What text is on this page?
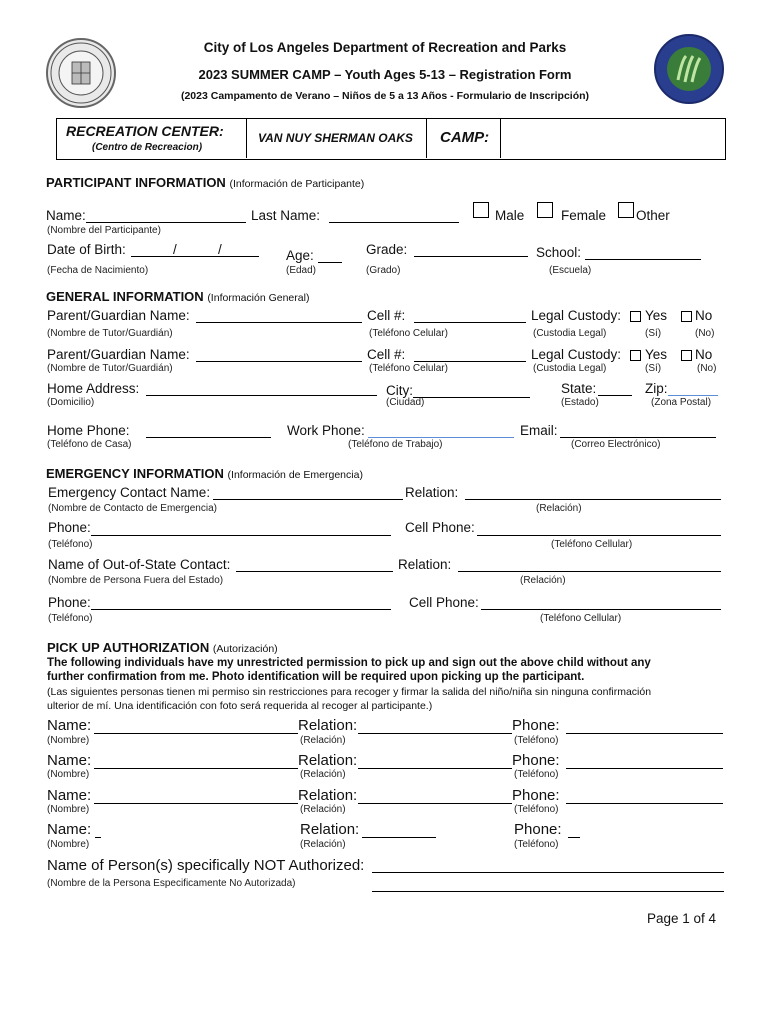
City of Los Angeles Department of Recreation and Parks
2023 SUMMER CAMP – Youth Ages 5-13 – Registration Form
(2023 Campamento de Verano – Niños de 5 a 13 Años - Formulario de Inscripción)
RECREATION CENTER:
(Centro de Recreacion)
VAN NUY SHERMAN OAKS CAMP:
PARTICIPANT INFORMATION (Información de Participante)
Name:	Last Name:	Male	Female Other
(Nombre del Participante)
Date of Birth:	/	/	Age:	Grade:	School:
(Fecha de Nacimiento)	(Edad)	(Grado)	(Escuela)
GENERAL INFORMATION (Información General)
Parent/Guardian Name:	Cell #:	Legal Custody: Yes No
(Nombre de Tutor/Guardián)	(Teléfono Celular)	(Custodia Legal)	(Sí)	(No)
Parent/Guardian Name:	Cell #:	Legal Custody: Yes No
(Nombre de Tutor/Guardián)	(Teléfono Celular)	(Custodia Legal)	(Sí)	(No)
Home Address:	City:	State:	Zip:
(Domicilio)	(Ciudad)	(Estado)	(Zona Postal)
Home Phone:	Work Phone:	Email:
(Teléfono de Casa)	(Teléfono de Trabajo)	(Correo Electrónico)
EMERGENCY INFORMATION (Información de Emergencia)
Emergency Contact Name:	Relation:
(Nombre de Contacto de Emergencia)	(Relación)
Phone:	Cell Phone:
(Teléfono)	(Teléfono Cellular)
Name of Out-of-State Contact:	Relation:
(Nombre de Persona Fuera del Estado)	(Relación)
Phone:	Cell Phone:
(Teléfono)	(Teléfono Cellular)
PICK UP AUTHORIZATION (Autorización)
The following individuals have my unrestricted permission to pick up and sign out the above child without any
further confirmation from me. Photo identification will be required upon picking up the participant.
(Las siguientes personas tienen mi permiso sin restricciones para recoger y firmar la salida del niño/niña sin ninguna confirmación
ulterior de mí. Una identificación con foto será requerida al recoger al participante.)
Name:	Relation:	Phone:
(Nombre)	(Relación)	(Teléfono)
Name:	Relation:	Phone:
(Nombre)	(Relación)	(Teléfono)
Name:	Relation:	Phone:
(Nombre)	(Relación)	(Teléfono)
Name:	Relation:	Phone:
(Nombre)	(Relación)	(Teléfono)
Name of Person(s) specifically NOT Authorized:
(Nombre de la Persona Especificamente No Autorizada)
Page 1 of 4
